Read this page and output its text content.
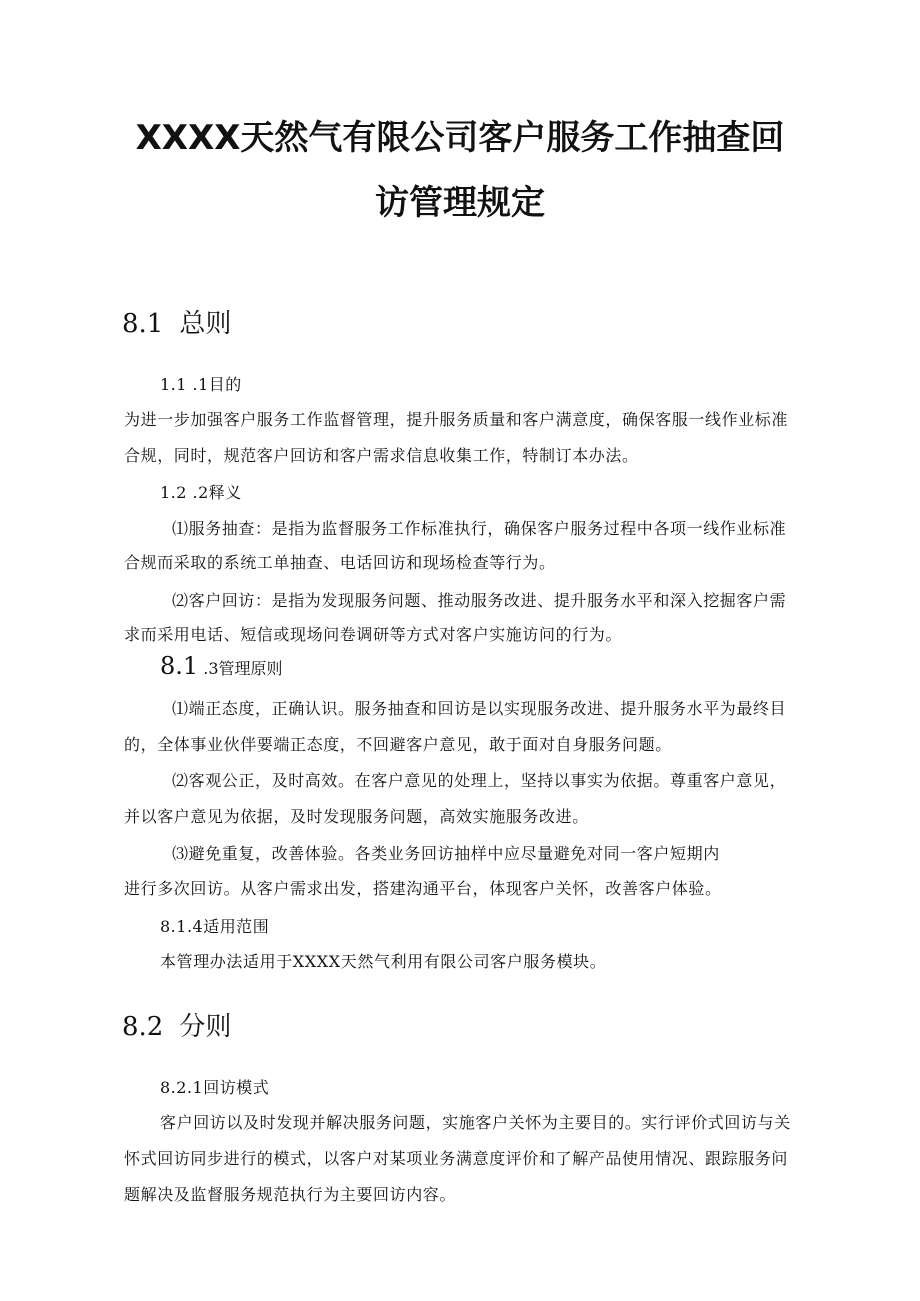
XXXX天然气有限公司客户服务工作抽查回
访管理规定
8.1 总则
1.1 .1目的
为进一步加强客户服务工作监督管理，提升服务质量和客户满意度，确保客服一线作业标准
合规，同时，规范客户回访和客户需求信息收集工作，特制订本办法。
1.2 .2释义
⑴服务抽查：是指为监督服务工作标准执行，确保客户服务过程中各项一线作业标准
合规而采取的系统工单抽查、电话回访和现场检查等行为。
⑵客户回访：是指为发现服务问题、推动服务改进、提升服务水平和深入挖掘客户需
求而采用电话、短信或现场问卷调研等方式对客户实施访问的行为。
8.1 .3管理原则
⑴端正态度，正确认识。服务抽查和回访是以实现服务改进、提升服务水平为最终目
的，全体事业伙伴要端正态度，不回避客户意见，敢于面对自身服务问题。
⑵客观公正，及时高效。在客户意见的处理上，坚持以事实为依据。尊重客户意见，
并以客户意见为依据，及时发现服务问题，高效实施服务改进。
⑶避免重复，改善体验。各类业务回访抽样中应尽量避免对同一客户短期内
进行多次回访。从客户需求出发，搭建沟通平台，体现客户关怀，改善客户体验。
8.1.4适用范围
本管理办法适用于XXXX天然气利用有限公司客户服务模块。
8.2 分则
8.2.1回访模式
客户回访以及时发现并解决服务问题，实施客户关怀为主要目的。实行评价式回访与关
怀式回访同步进行的模式，以客户对某项业务满意度评价和了解产品使用情况、跟踪服务问
题解决及监督服务规范执行为主要回访内容。
